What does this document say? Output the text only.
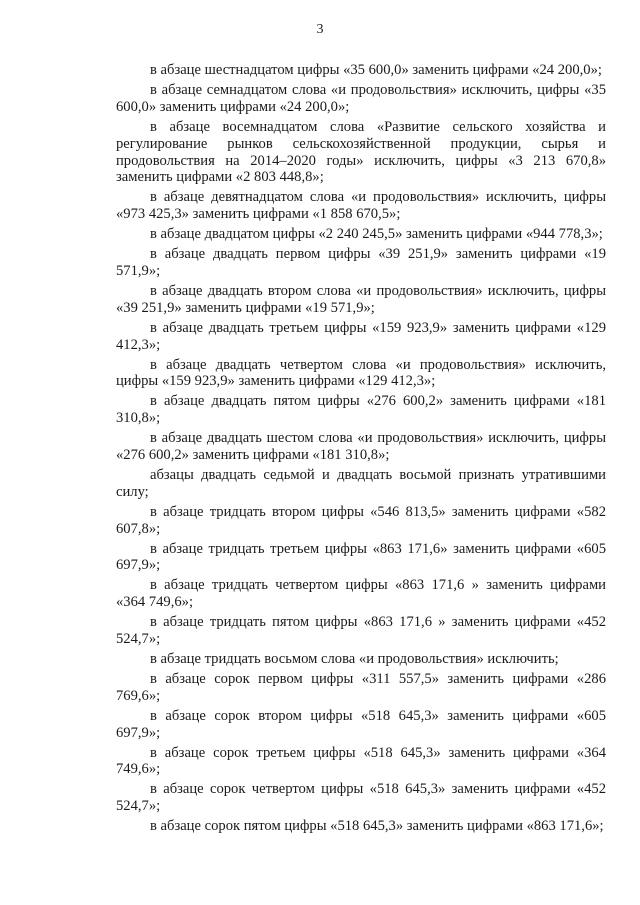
3

в абзаце шестнадцатом цифры «35 600,0» заменить цифрами «24 200,0»;

в абзаце семнадцатом слова «и продовольствия» исключить, цифры «35 600,0» заменить цифрами «24 200,0»;

в абзаце восемнадцатом слова «Развитие сельского хозяйства и регулирование рынков сельскохозяйственной продукции, сырья и продовольствия на 2014–2020 годы» исключить, цифры «3 213 670,8» заменить цифрами «2 803 448,8»;

в абзаце девятнадцатом слова «и продовольствия» исключить, цифры «973 425,3» заменить цифрами «1 858 670,5»;

в абзаце двадцатом цифры «2 240 245,5» заменить цифрами «944 778,3»;

в абзаце двадцать первом цифры «39 251,9» заменить цифрами «19 571,9»;

в абзаце двадцать втором слова «и продовольствия» исключить, цифры «39 251,9» заменить цифрами «19 571,9»;

в абзаце двадцать третьем цифры «159 923,9» заменить цифрами «129 412,3»;

в абзаце двадцать четвертом слова «и продовольствия» исключить, цифры «159 923,9» заменить цифрами «129 412,3»;

в абзаце двадцать пятом цифры «276 600,2» заменить цифрами «181 310,8»;

в абзаце двадцать шестом слова «и продовольствия» исключить, цифры «276 600,2» заменить цифрами «181 310,8»;

абзацы двадцать седьмой и двадцать восьмой признать утратившими силу;

в абзаце тридцать втором цифры «546 813,5» заменить цифрами «582 607,8»;

в абзаце тридцать третьем цифры «863 171,6» заменить цифрами «605 697,9»;

в абзаце тридцать четвертом цифры «863 171,6 » заменить цифрами «364 749,6»;

в абзаце тридцать пятом цифры «863 171,6 » заменить цифрами «452 524,7»;

в абзаце тридцать восьмом слова «и продовольствия» исключить;

в абзаце сорок первом цифры «311 557,5» заменить цифрами «286 769,6»;

в абзаце сорок втором цифры «518 645,3» заменить цифрами «605 697,9»;

в абзаце сорок третьем цифры «518 645,3» заменить цифрами «364 749,6»;

в абзаце сорок четвертом цифры «518 645,3» заменить цифрами «452 524,7»;

в абзаце сорок пятом цифры «518 645,3» заменить цифрами «863 171,6»;
